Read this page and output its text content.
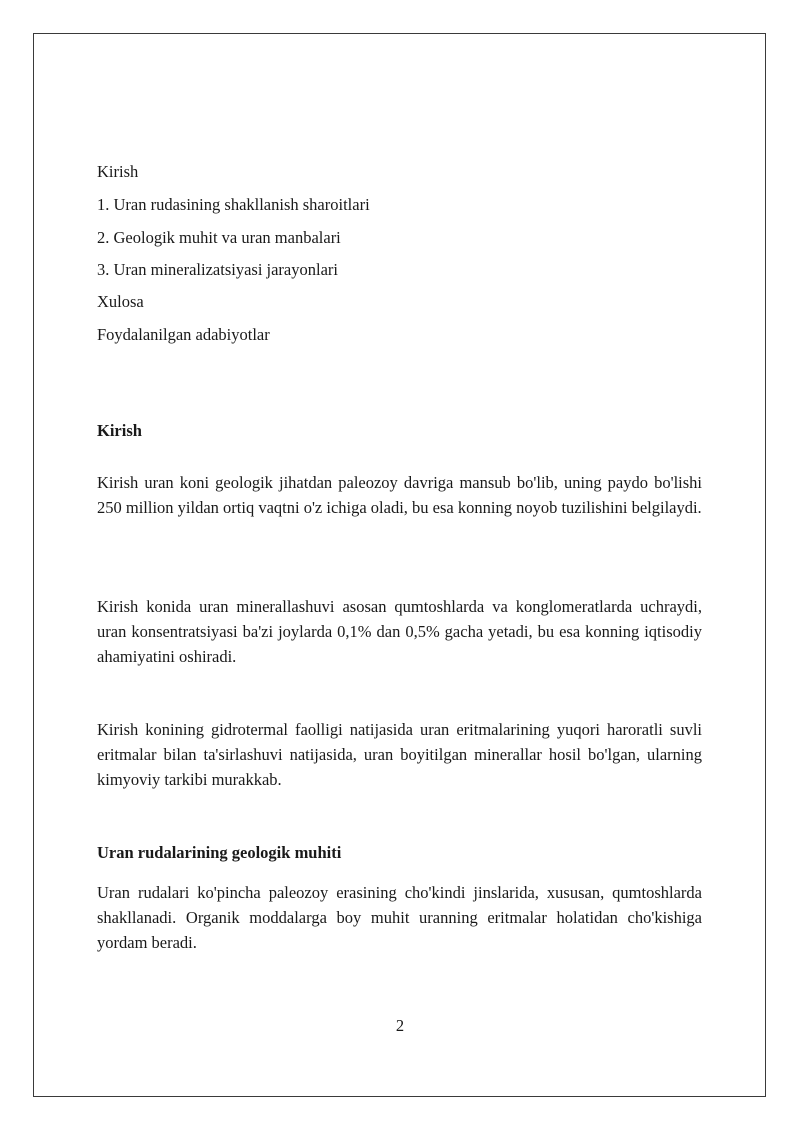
Kirish
1. Uran rudasining shakllanish sharoitlari
2. Geologik muhit va uran manbalari
3. Uran mineralizatsiyasi jarayonlari
Xulosa
Foydalanilgan adabiyotlar
Kirish

Kirish uran koni geologik jihatdan paleozoy davriga mansub bo'lib, uning paydo bo'lishi 250 million yildan ortiq vaqtni o'z ichiga oladi, bu esa konning noyob tuzilishini belgilaydi.

Kirish konida uran minerallashuvi asosan qumtoshlarda va konglomeratlarda uchraydi, uran konsentratsiyasi ba'zi joylarda 0,1% dan 0,5% gacha yetadi, bu esa konning iqtisodiy ahamiyatini oshiradi.

Kirish konining gidrotermal faolligi natijasida uran eritmalarining yuqori haroratli suvli eritmalar bilan ta'sirlashuvi natijasida, uran boyitilgan minerallar hosil bo'lgan, ularning kimyoviy tarkibi murakkab.

Uran rudalarining geologik muhiti

Uran rudalari ko'pincha paleozoy erasining cho'kindi jinslarida, xususan, qumtoshlarda shakllanadi. Organik moddalarga boy muhit uranning eritmalar holatidan cho'kishiga yordam beradi.

2
